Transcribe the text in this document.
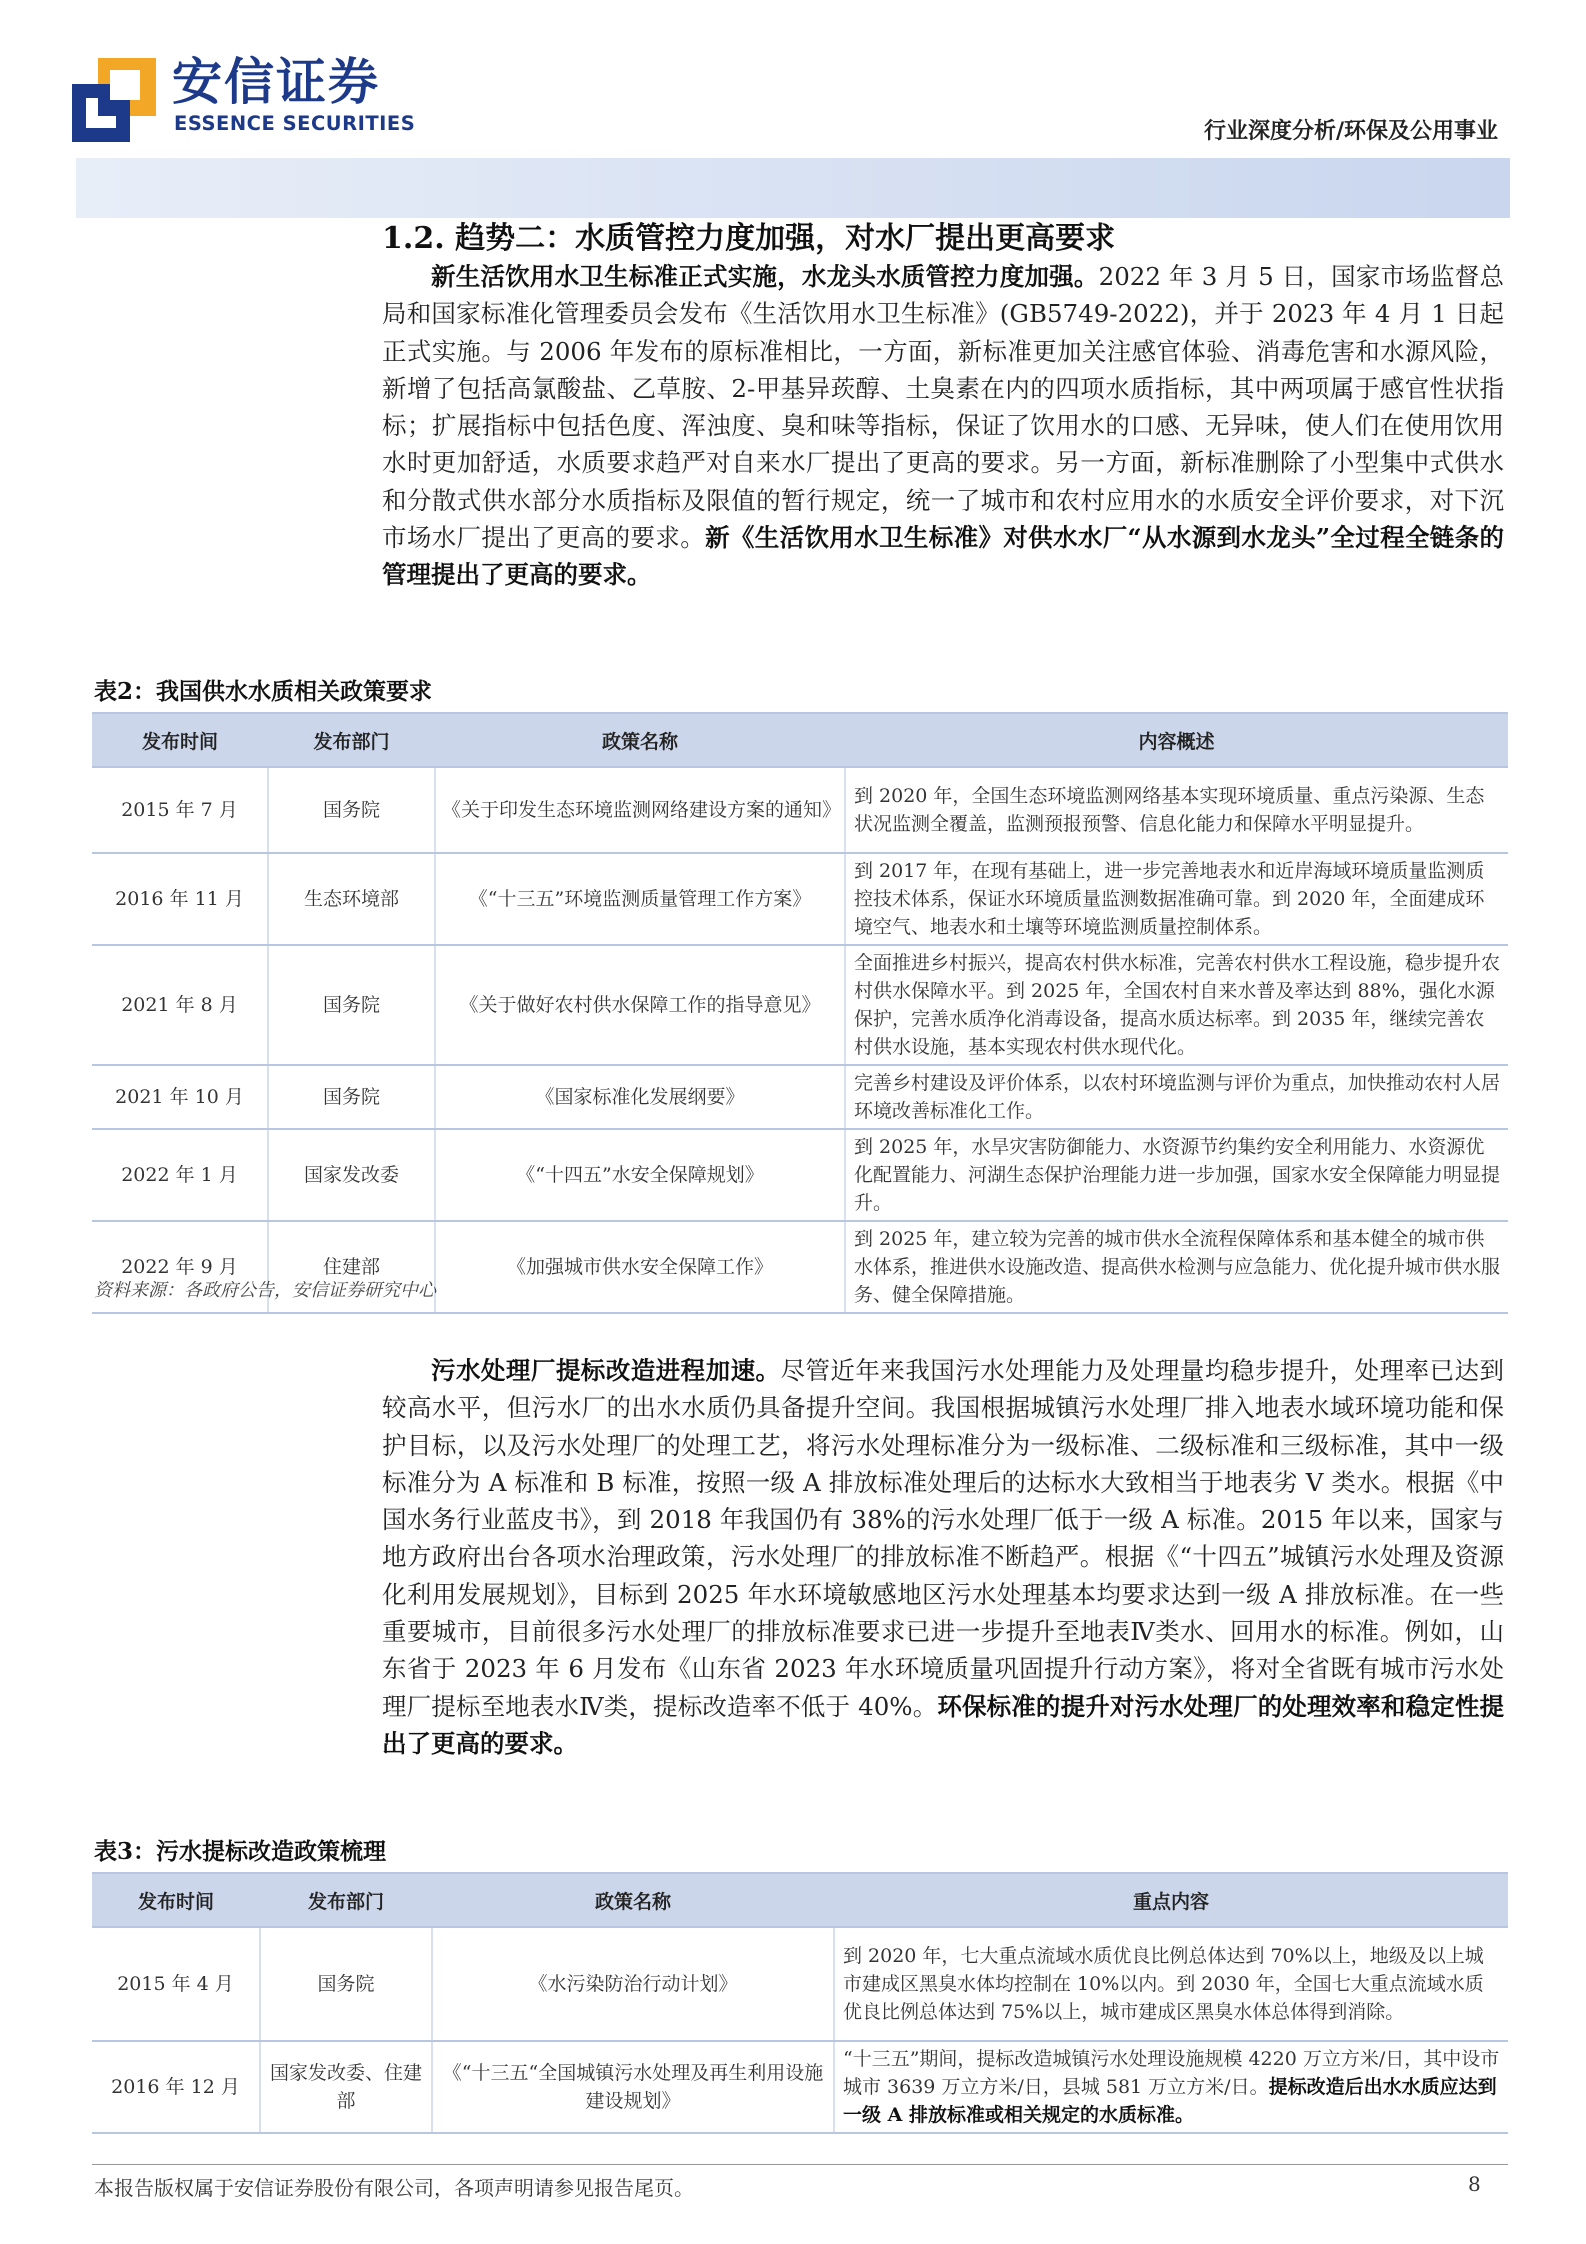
安信证券
ESSENCE SECURITIES	行业深度分析/环保及公用事业
1.2. 趋势二：水质管控力度加强，对水厂提出更高要求
新生活饮用水卫生标准正式实施，水龙头水质管控力度加强。2022 年 3 月 5 日，国家市场监督总局和国家标准化管理委员会发布《生活饮用水卫生标准》(GB5749-2022)，并于 2023 年 4 月 1 日起正式实施。与 2006 年发布的原标准相比，一方面，新标准更加关注感官体验、消毒危害和水源风险，新增了包括高氯酸盐、乙草胺、2-甲基异莰醇、土臭素在内的四项水质指标，其中两项属于感官性状指标；扩展指标中包括色度、浑浊度、臭和味等指标，保证了饮用水的口感、无异味，使人们在使用饮用水时更加舒适，水质要求趋严对自来水厂提出了更高的要求。另一方面，新标准删除了小型集中式供水和分散式供水部分水质指标及限值的暂行规定，统一了城市和农村应用水的水质安全评价要求，对下沉市场水厂提出了更高的要求。新《生活饮用水卫生标准》对供水水厂“从水源到水龙头”全过程全链条的管理提出了更高的要求。
表2：我国供水水质相关政策要求
发布时间	发布部门	政策名称	内容概述
2015 年 7 月	国务院	《关于印发生态环境监测网络建设方案的通知》	到 2020 年，全国生态环境监测网络基本实现环境质量、重点污染源、生态状况监测全覆盖，监测预报预警、信息化能力和保障水平明显提升。
2016 年 11 月	生态环境部	《“十三五”环境监测质量管理工作方案》	到 2017 年，在现有基础上，进一步完善地表水和近岸海域环境质量监测质控技术体系，保证水环境质量监测数据准确可靠。到 2020 年，全面建成环境空气、地表水和土壤等环境监测质量控制体系。
2021 年 8 月	国务院	《关于做好农村供水保障工作的指导意见》	全面推进乡村振兴，提高农村供水标准，完善农村供水工程设施，稳步提升农村供水保障水平。到 2025 年，全国农村自来水普及率达到 88%，强化水源保护，完善水质净化消毒设备，提高水质达标率。到 2035 年，继续完善农村供水设施，基本实现农村供水现代化。
2021 年 10 月	国务院	《国家标准化发展纲要》	完善乡村建设及评价体系，以农村环境监测与评价为重点，加快推动农村人居环境改善标准化工作。
2022 年 1 月	国家发改委	《“十四五”水安全保障规划》	到 2025 年，水旱灾害防御能力、水资源节约集约安全利用能力、水资源优化配置能力、河湖生态保护治理能力进一步加强，国家水安全保障能力明显提升。
2022 年 9 月	住建部	《加强城市供水安全保障工作》	到 2025 年，建立较为完善的城市供水全流程保障体系和基本健全的城市供水体系，推进供水设施改造、提高供水检测与应急能力、优化提升城市供水服务、健全保障措施。
资料来源：各政府公告，安信证券研究中心
污水处理厂提标改造进程加速。尽管近年来我国污水处理能力及处理量均稳步提升，处理率已达到较高水平，但污水厂的出水水质仍具备提升空间。我国根据城镇污水处理厂排入地表水域环境功能和保护目标，以及污水处理厂的处理工艺，将污水处理标准分为一级标准、二级标准和三级标准，其中一级标准分为 A 标准和 B 标准，按照一级 A 排放标准处理后的达标水大致相当于地表劣 V 类水。根据《中国水务行业蓝皮书》，到 2018 年我国仍有 38%的污水处理厂低于一级 A 标准。2015 年以来，国家与地方政府出台各项水治理政策，污水处理厂的排放标准不断趋严。根据《“十四五”城镇污水处理及资源化利用发展规划》，目标到 2025 年水环境敏感地区污水处理基本均要求达到一级 A 排放标准。在一些重要城市，目前很多污水处理厂的排放标准要求已进一步提升至地表Ⅳ类水、回用水的标准。例如，山东省于 2023 年 6 月发布《山东省 2023 年水环境质量巩固提升行动方案》，将对全省既有城市污水处理厂提标至地表水Ⅳ类，提标改造率不低于 40%。环保标准的提升对污水处理厂的处理效率和稳定性提出了更高的要求。
表3：污水提标改造政策梳理
发布时间	发布部门	政策名称	重点内容
2015 年 4 月	国务院	《水污染防治行动计划》	到 2020 年，七大重点流域水质优良比例总体达到 70%以上，地级及以上城市建成区黑臭水体均控制在 10%以内。到 2030 年，全国七大重点流域水质优良比例总体达到 75%以上，城市建成区黑臭水体总体得到消除。
2016 年 12 月	国家发改委、住建部	《“十三五“全国城镇污水处理及再生利用设施建设规划》	“十三五”期间，提标改造城镇污水处理设施规模 4220 万立方米/日，其中设市城市 3639 万立方米/日，县城 581 万立方米/日。提标改造后出水水质应达到一级 A 排放标准或相关规定的水质标准。
本报告版权属于安信证券股份有限公司，各项声明请参见报告尾页。	8
